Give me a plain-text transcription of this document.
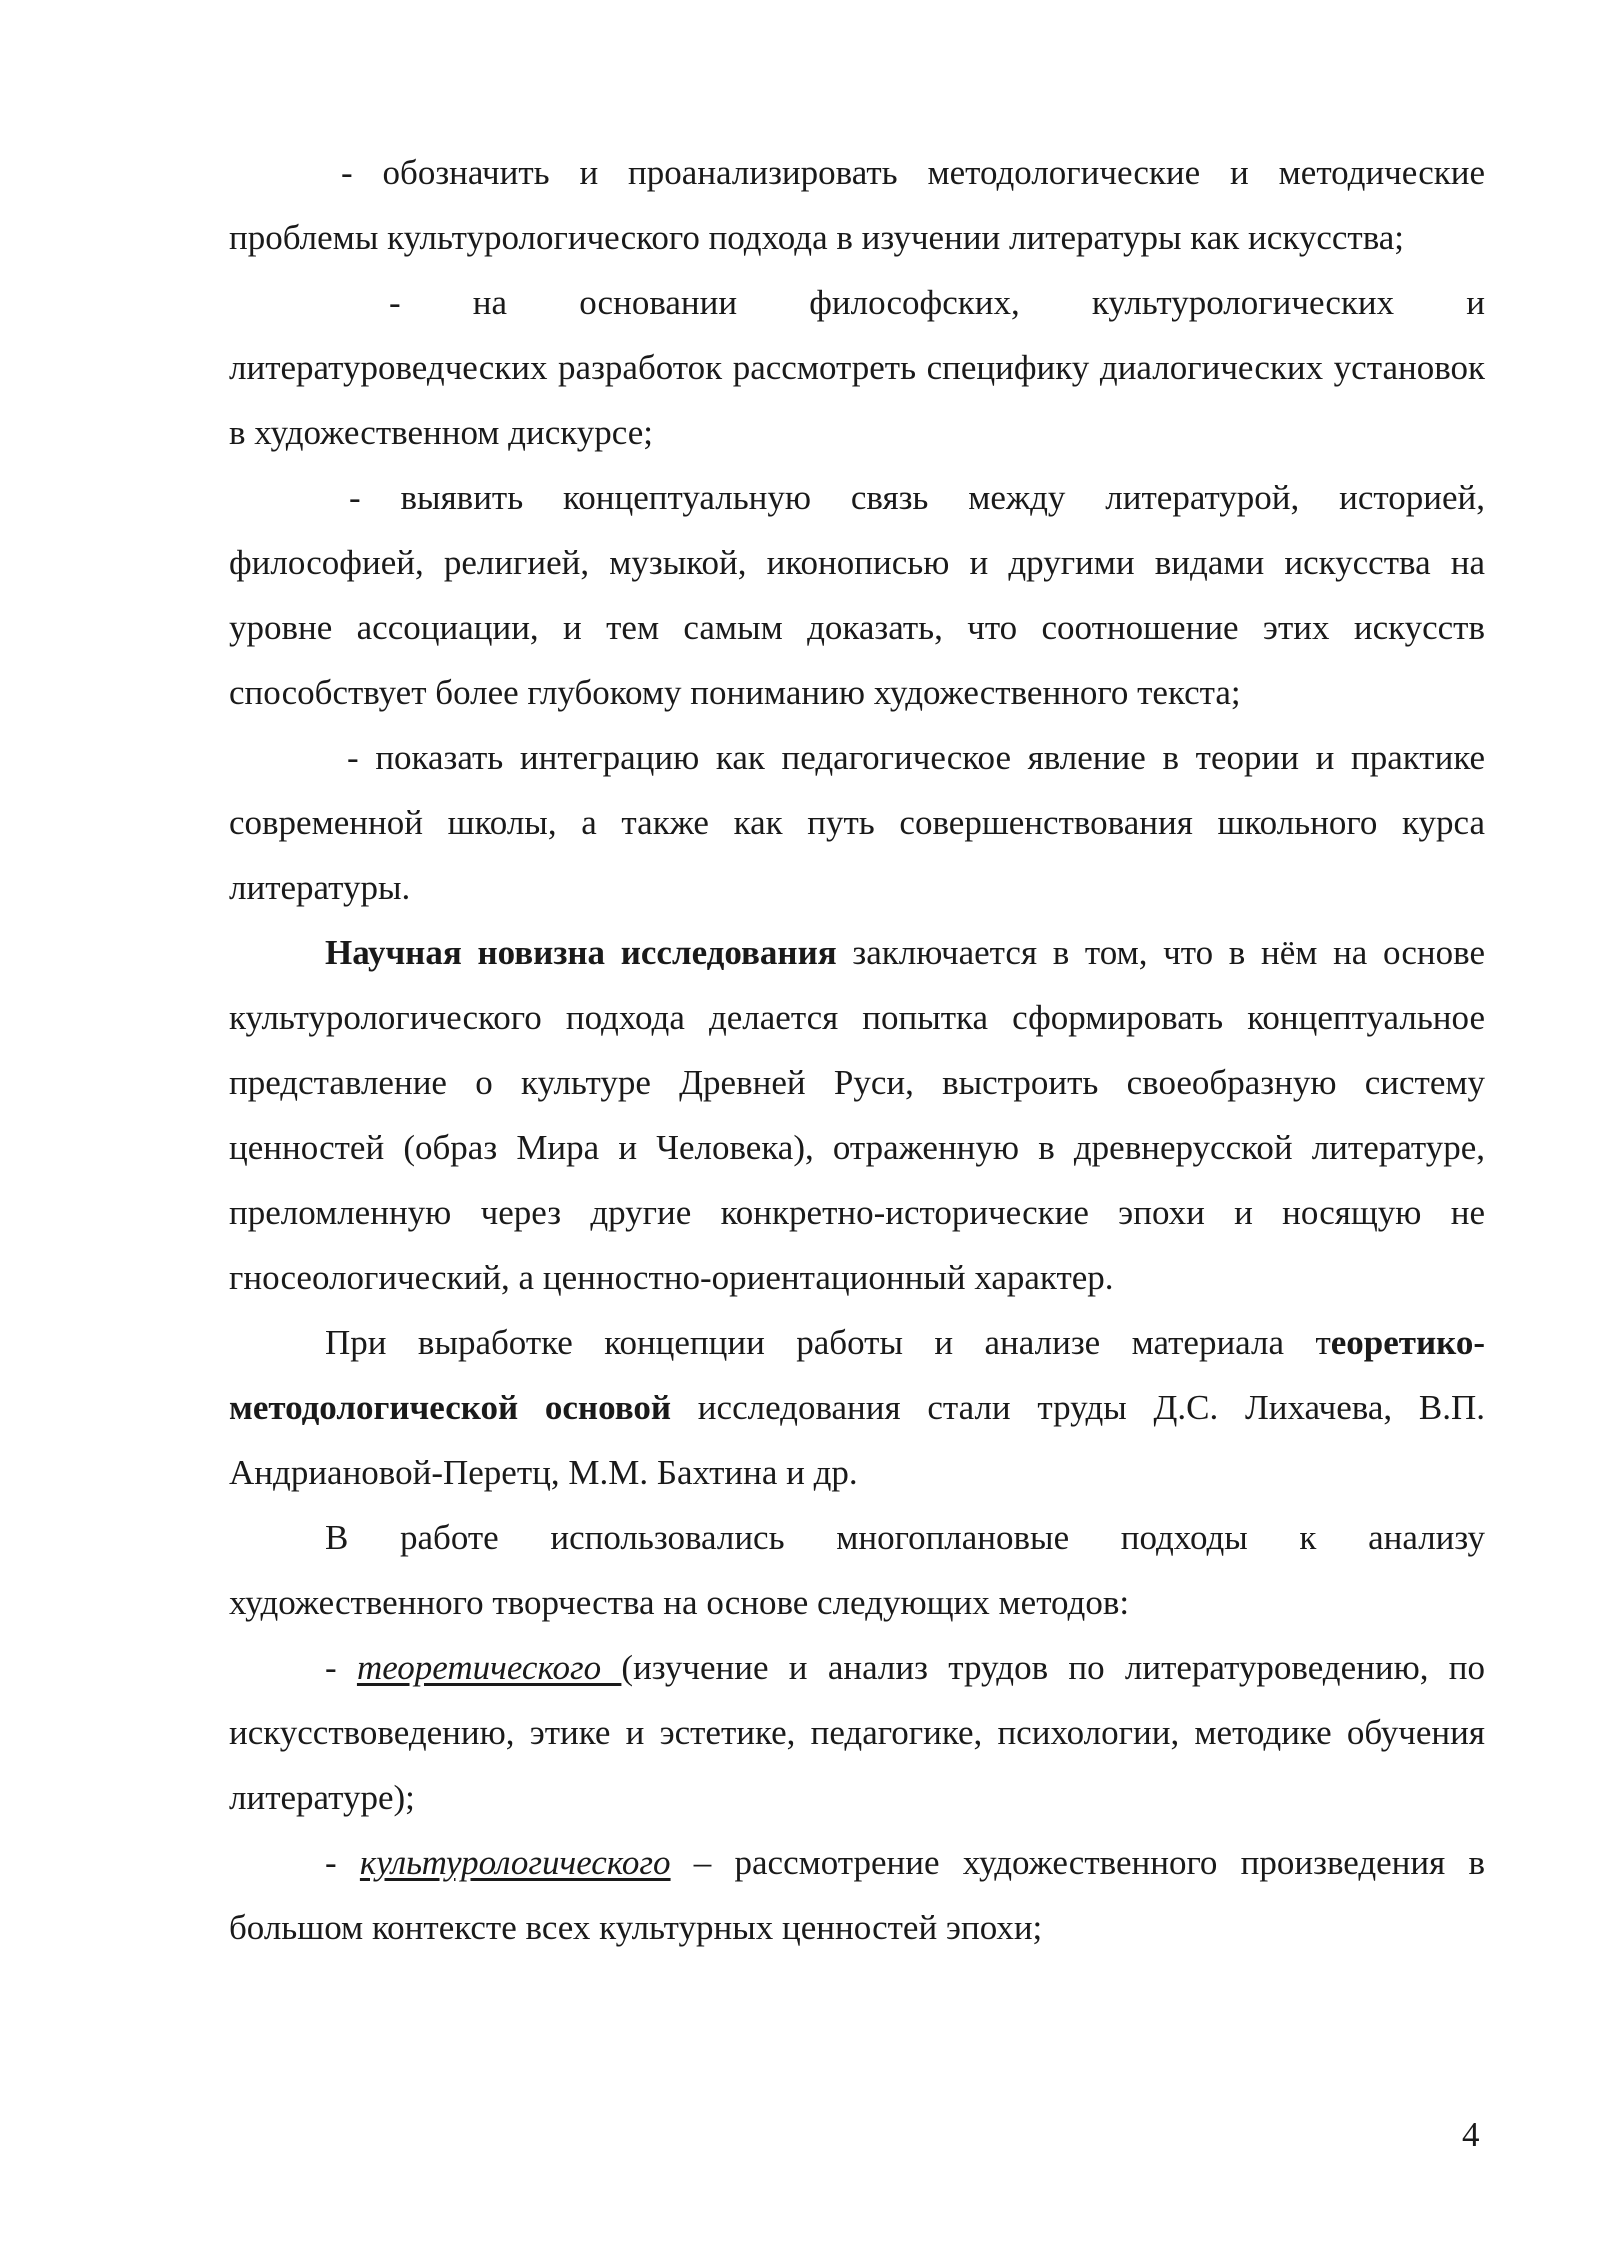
- обозначить и проанализировать методологические и методические проблемы культурологического подхода в изучении литературы как искусства;

- на основании философских, культурологических и литературоведческих разработок рассмотреть специфику диалогических установок в художественном дискурсе;

- выявить концептуальную связь между литературой, историей, философией, религией, музыкой, иконописью и другими видами искусства на уровне ассоциации, и тем самым доказать, что соотношение этих искусств способствует более глубокому пониманию художественного текста;

- показать интеграцию как педагогическое явление в теории и практике современной школы, а также как путь совершенствования школьного курса литературы.

Научная новизна исследования заключается в том, что в нём на основе культурологического подхода делается попытка сформировать концептуальное представление о культуре Древней Руси, выстроить своеобразную систему ценностей (образ Мира и Человека), отраженную в древнерусской литературе, преломленную через другие конкретно-исторические эпохи и носящую не гносеологический, а ценностно-ориентационный характер.

При выработке концепции работы и анализе материала теоретико-методологической основой исследования стали труды Д.С. Лихачева, В.П. Андриановой-Перетц, М.М. Бахтина и др.

В работе использовались многоплановые подходы к анализу художественного творчества на основе следующих методов:

- теоретического (изучение и анализ трудов по литературоведению, по искусствоведению, этике и эстетике, педагогике, психологии, методике обучения литературе);

- культурологического – рассмотрение художественного произведения в большом контексте всех культурных ценностей эпохи;

4
